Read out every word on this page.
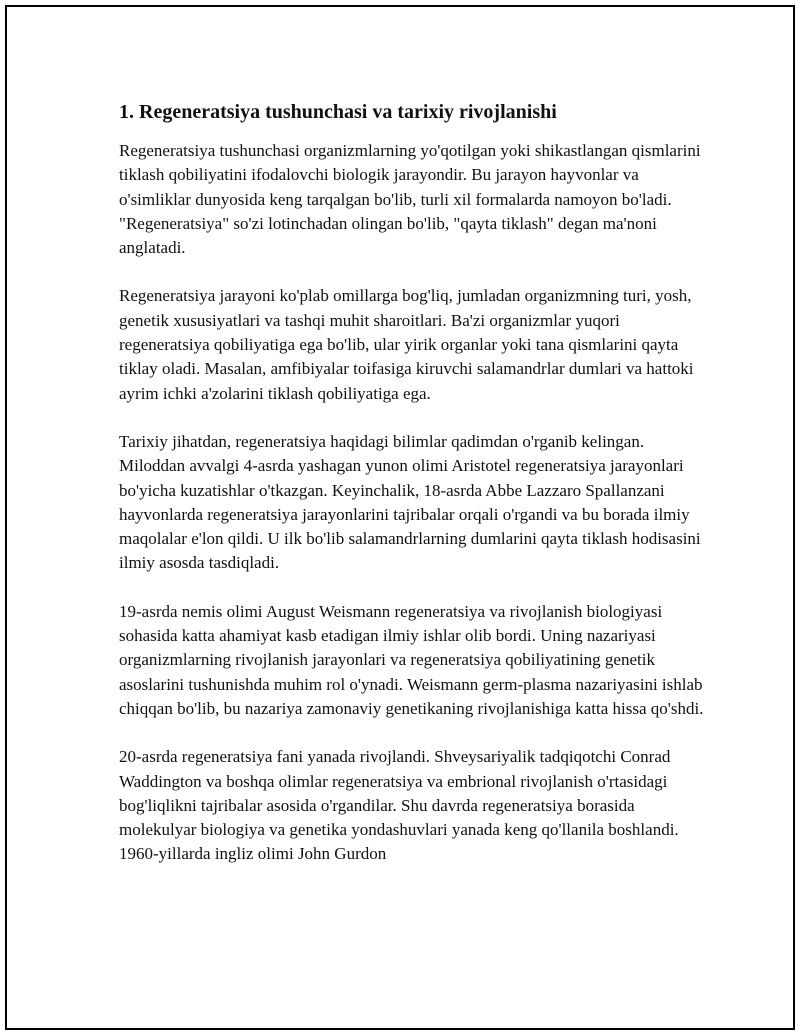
1. Regeneratsiya tushunchasi va tarixiy rivojlanishi

Regeneratsiya tushunchasi organizmlarning yo'qotilgan yoki shikastlangan qismlarini tiklash qobiliyatini ifodalovchi biologik jarayondir. Bu jarayon hayvonlar va o'simliklar dunyosida keng tarqalgan bo'lib, turli xil formalarda namoyon bo'ladi. "Regeneratsiya" so'zi lotinchadan olingan bo'lib, "qayta tiklash" degan ma'noni anglatadi.

Regeneratsiya jarayoni ko'plab omillarga bog'liq, jumladan organizmning turi, yosh, genetik xususiyatlari va tashqi muhit sharoitlari. Ba'zi organizmlar yuqori regeneratsiya qobiliyatiga ega bo'lib, ular yirik organlar yoki tana qismlarini qayta tiklay oladi. Masalan, amfibiyalar toifasiga kiruvchi salamandrlar dumlari va hattoki ayrim ichki a'zolarini tiklash qobiliyatiga ega.

Tarixiy jihatdan, regeneratsiya haqidagi bilimlar qadimdan o'rganib kelingan. Miloddan avvalgi 4-asrda yashagan yunon olimi Aristotel regeneratsiya jarayonlari bo'yicha kuzatishlar o'tkazgan. Keyinchalik, 18-asrda Abbe Lazzaro Spallanzani hayvonlarda regeneratsiya jarayonlarini tajribalar orqali o'rgandi va bu borada ilmiy maqolalar e'lon qildi. U ilk bo'lib salamandrlarning dumlarini qayta tiklash hodisasini ilmiy asosda tasdiqladi.

19-asrda nemis olimi August Weismann regeneratsiya va rivojlanish biologiyasi sohasida katta ahamiyat kasb etadigan ilmiy ishlar olib bordi. Uning nazariyasi organizmlarning rivojlanish jarayonlari va regeneratsiya qobiliyatining genetik asoslarini tushunishda muhim rol o'ynadi. Weismann germ-plasma nazariyasini ishlab chiqqan bo'lib, bu nazariya zamonaviy genetikaning rivojlanishiga katta hissa qo'shdi.

20-asrda regeneratsiya fani yanada rivojlandi. Shveysariyalik tadqiqotchi Conrad Waddington va boshqa olimlar regeneratsiya va embrional rivojlanish o'rtasidagi bog'liqlikni tajribalar asosida o'rgandilar. Shu davrda regeneratsiya borasida molekulyar biologiya va genetika yondashuvlari yanada keng qo'llanila boshlandi. 1960-yillarda ingliz olimi John Gurdon
